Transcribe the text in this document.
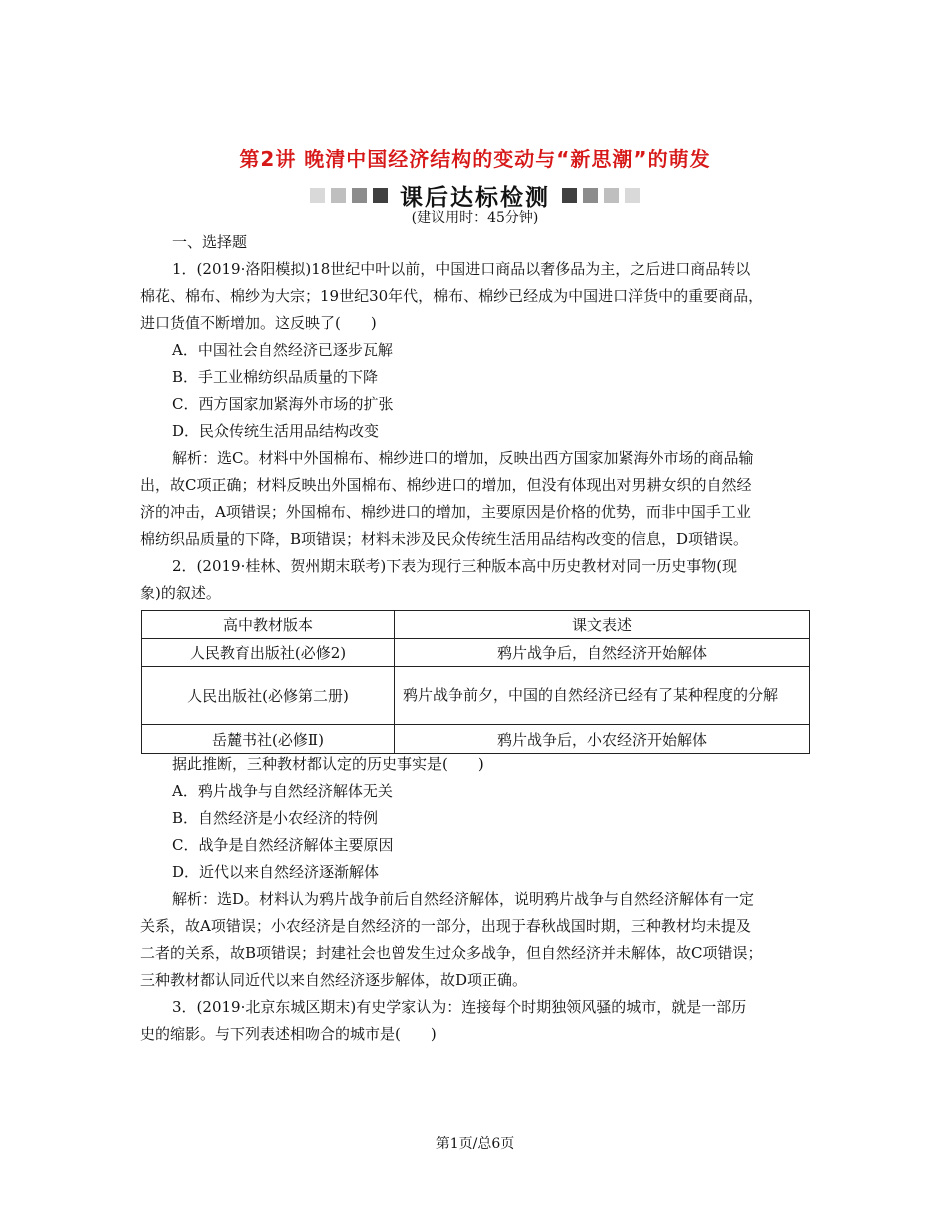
第2讲 晚清中国经济结构的变动与“新思潮”的萌发
课后达标检测
(建议用时：45分钟)
一、选择题
1．(2019·洛阳模拟)18世纪中叶以前，中国进口商品以奢侈品为主，之后进口商品转以
棉花、棉布、棉纱为大宗；19世纪30年代，棉布、棉纱已经成为中国进口洋货中的重要商品，
进口货值不断增加。这反映了(　　)
A．中国社会自然经济已逐步瓦解
B．手工业棉纺织品质量的下降
C．西方国家加紧海外市场的扩张
D．民众传统生活用品结构改变
解析：选C。材料中外国棉布、棉纱进口的增加，反映出西方国家加紧海外市场的商品输
出，故C项正确；材料反映出外国棉布、棉纱进口的增加，但没有体现出对男耕女织的自然经
济的冲击，A项错误；外国棉布、棉纱进口的增加，主要原因是价格的优势，而非中国手工业
棉纺织品质量的下降，B项错误；材料未涉及民众传统生活用品结构改变的信息，D项错误。
2．(2019·桂林、贺州期末联考)下表为现行三种版本高中历史教材对同一历史事物(现
象)的叙述。
高中教材版本	课文表述
人民教育出版社(必修2)	鸦片战争后，自然经济开始解体
人民出版社(必修第二册)	鸦片战争前夕，中国的自然经济已经有了某种程度的分解
岳麓书社(必修Ⅱ)	鸦片战争后，小农经济开始解体
据此推断，三种教材都认定的历史事实是(　　)
A．鸦片战争与自然经济解体无关
B．自然经济是小农经济的特例
C．战争是自然经济解体主要原因
D．近代以来自然经济逐渐解体
解析：选D。材料认为鸦片战争前后自然经济解体，说明鸦片战争与自然经济解体有一定
关系，故A项错误；小农经济是自然经济的一部分，出现于春秋战国时期，三种教材均未提及
二者的关系，故B项错误；封建社会也曾发生过众多战争，但自然经济并未解体，故C项错误；
三种教材都认同近代以来自然经济逐步解体，故D项正确。
3．(2019·北京东城区期末)有史学家认为：连接每个时期独领风骚的城市，就是一部历
史的缩影。与下列表述相吻合的城市是(　　)
第1页/总6页
